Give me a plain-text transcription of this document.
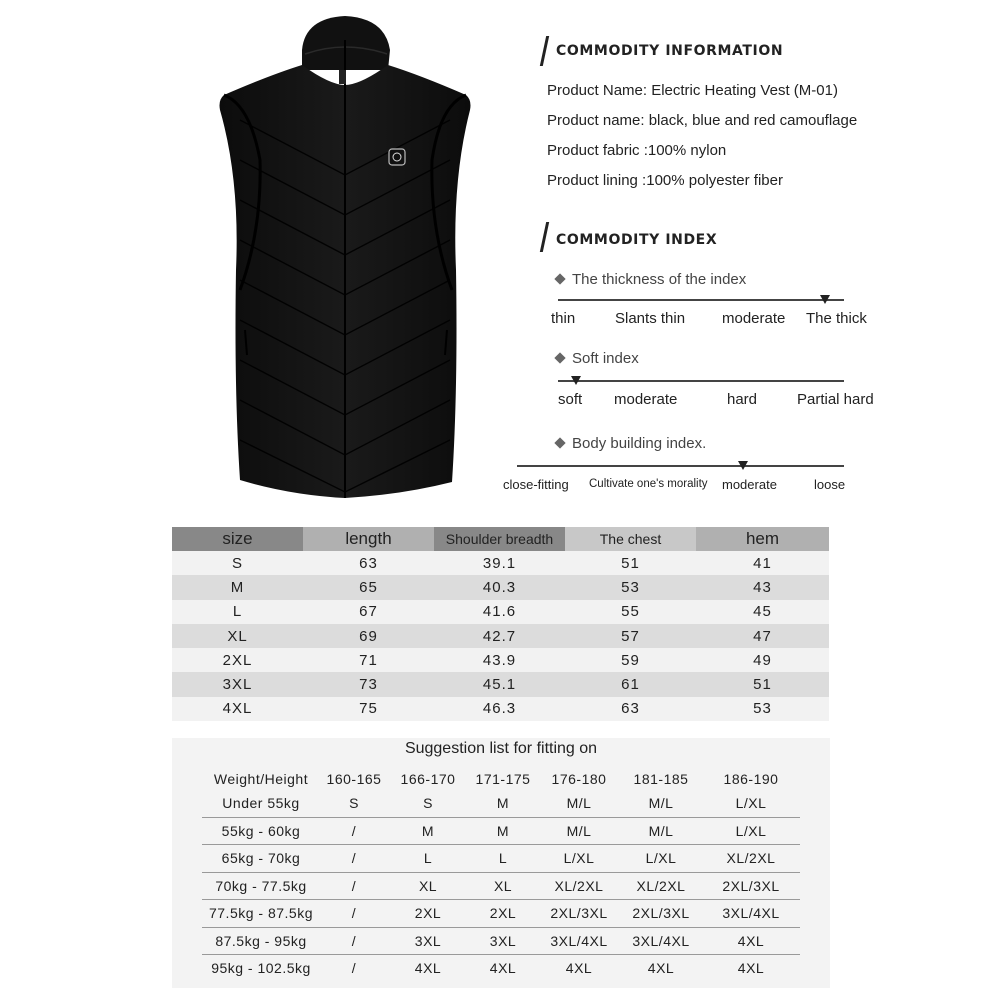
COMMODITY INFORMATION
Product Name: Electric Heating Vest (M-01)
Product name: black, blue and red camouflage
Product fabric :100% nylon
Product lining :100% polyester fiber
COMMODITY INDEX
The thickness of the index
thin	Slants thin moderate The thick
Soft index
soft moderate	hard	Partial hard
Body building index.
close-fitting Cultivate one's morality moderate	loose
size	length	Shoulder breadth	The chest	hem
S	63	39.1	51	41
M	65	40.3	53	43
L	67	41.6	55	45
XL	69	42.7	57	47
2XL	71	43.9	59	49
3XL	73	45.1	61	51
4XL	75	46.3	63	53
Suggestion list for fitting on
Weight/Height	160-165	166-170	171-175	176-180	181-185	186-190
Under 55kg	S	S	M	M/L	M/L	L/XL
55kg - 60kg	/	M	M	M/L	M/L	L/XL
65kg - 70kg	/	L	L	L/XL	L/XL	XL/2XL
70kg - 77.5kg	/	XL	XL	XL/2XL	XL/2XL	2XL/3XL
77.5kg - 87.5kg	/	2XL	2XL	2XL/3XL	2XL/3XL	3XL/4XL
87.5kg - 95kg	/	3XL	3XL	3XL/4XL	3XL/4XL	4XL
95kg - 102.5kg	/	4XL	4XL	4XL	4XL	4XL
